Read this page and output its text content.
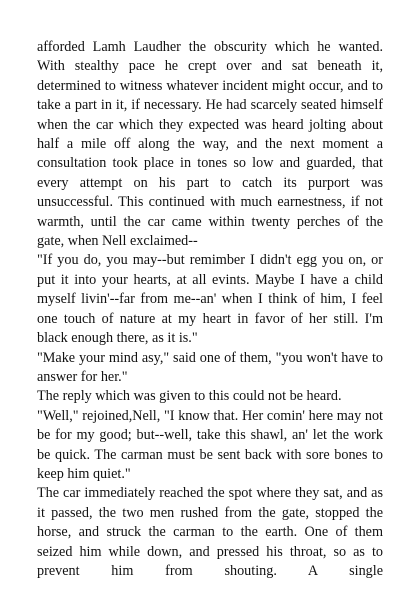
afforded Lamh Laudher the obscurity which he wanted. With stealthy pace he crept over and sat beneath it, determined to witness whatever incident might occur, and to take a part in it, if necessary. He had scarcely seated himself when the car which they expected was heard jolting about half a mile off along the way, and the next moment a consultation took place in tones so low and guarded, that every attempt on his part to catch its purport was unsuccessful. This continued with much earnestness, if not warmth, until the car came within twenty perches of the gate, when Nell exclaimed--

"If you do, you may--but remimber I didn't egg you on, or put it into your hearts, at all evints. Maybe I have a child myself livin'--far from me--an' when I think of him, I feel one touch of nature at my heart in favor of her still. I'm black enough there, as it is."

"Make your mind asy," said one of them, "you won't have to answer for her."

The reply which was given to this could not be heard.

"Well," rejoined,Nell, "I know that. Her comin' here may not be for my good; but--well, take this shawl, an' let the work be quick. The carman must be sent back with sore bones to keep him quiet."

The car immediately reached the spot where they sat, and as it passed, the two men rushed from the gate, stopped the horse, and struck the carman to the earth. One of them seized him while down, and pressed his throat, so as to prevent him from shouting. A single
